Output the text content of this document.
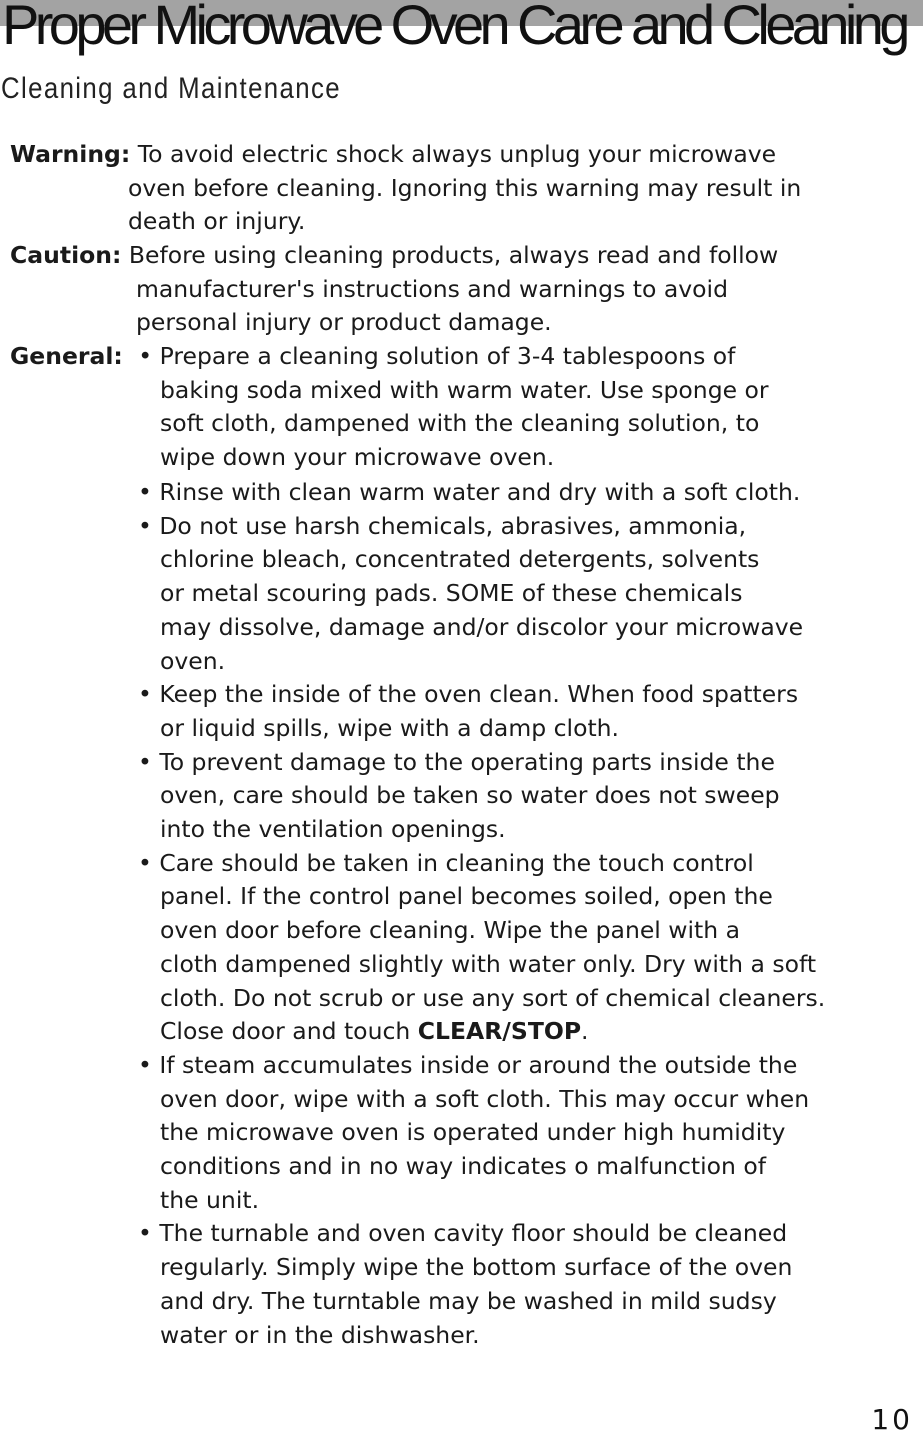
Proper Microwave Oven Care and Cleaning
Cleaning and Maintenance

Warning: To avoid electric shock always unplug your microwave
oven before cleaning. Ignoring this warning may result in
death or injury.

Caution: Before using cleaning products, always read and follow
manufacturer's instructions and warnings to avoid
personal injury or product damage.

General: • Prepare a cleaning solution of 3-4 tablespoons of
baking soda mixed with warm water. Use sponge or
soft cloth, dampened with the cleaning solution, to
wipe down your microwave oven.

• Rinse with clean warm water and dry with a soft cloth.
• Do not use harsh chemicals, abrasives, ammonia,
chlorine bleach, concentrated detergents, solvents
or metal scouring pads. SOME of these chemicals
may dissolve, damage and/or discolor your microwave
oven.
• Keep the inside of the oven clean. When food spatters
or liquid spills, wipe with a damp cloth.
• To prevent damage to the operating parts inside the
oven, care should be taken so water does not sweep
into the ventilation openings.
• Care should be taken in cleaning the touch control
panel. If the control panel becomes soiled, open the
oven door before cleaning. Wipe the panel with a
cloth dampened slightly with water only. Dry with a soft
cloth. Do not scrub or use any sort of chemical cleaners.
Close door and touch CLEAR/STOP.
• If steam accumulates inside or around the outside the
oven door, wipe with a soft cloth. This may occur when
the microwave oven is operated under high humidity
conditions and in no way indicates o malfunction of
the unit.
• The turnable and oven cavity floor should be cleaned
regularly. Simply wipe the bottom surface of the oven
and dry. The turntable may be washed in mild sudsy
water or in the dishwasher.
10
